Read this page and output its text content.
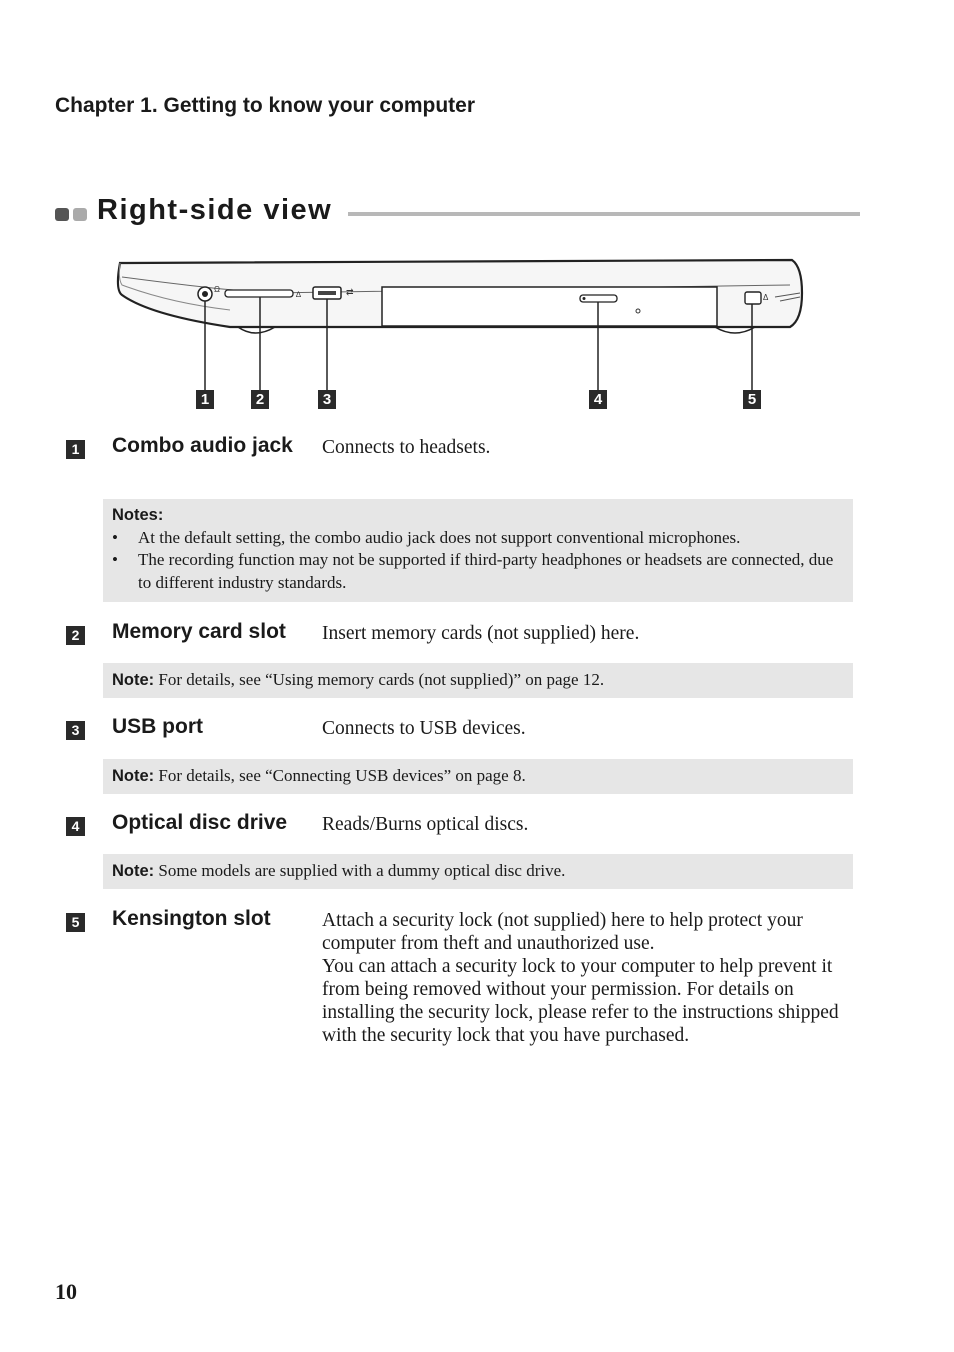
Chapter 1. Getting to know your computer
Right-side view
Ω
∆	⇄
Δ
1	2	3	4	5
1 Combo audio jack	Connects to headsets.
Notes:
• At the default setting, the combo audio jack does not support conventional microphones.
• The recording function may not be supported if third-party headphones or headsets are connected, due to different industry standards.
2 Memory card slot	Insert memory cards (not supplied) here.
Note: For details, see “Using memory cards (not supplied)” on page 12.
3 USB port	Connects to USB devices.
Note: For details, see “Connecting USB devices” on page 8.
4 Optical disc drive	Reads/Burns optical discs.
Note: Some models are supplied with a dummy optical disc drive.
5 Kensington slot	Attach a security lock (not supplied) here to help protect your computer from theft and unauthorized use.
You can attach a security lock to your computer to help prevent it from being removed without your permission. For details on installing the security lock, please refer to the instructions shipped with the security lock that you have purchased.
10
